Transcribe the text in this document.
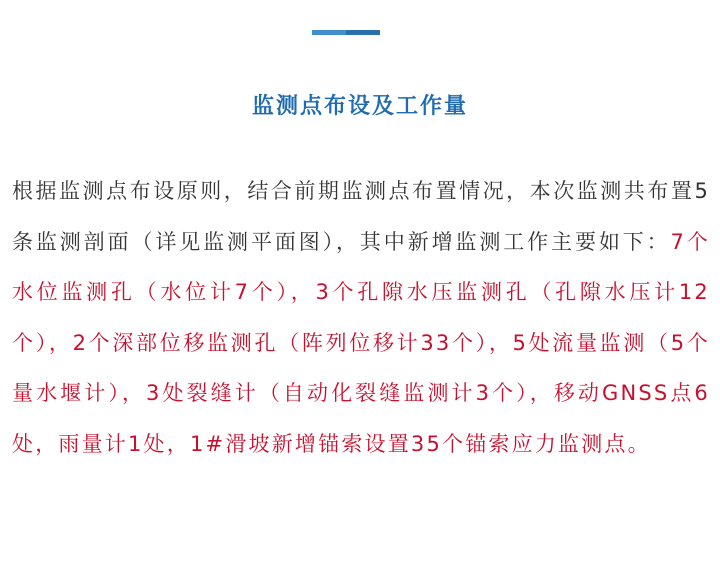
监测点布设及工作量

根据监测点布设原则，结合前期监测点布置情况，本次监测共布置5条监测剖面（详见监测平面图），其中新增监测工作主要如下：7个水位监测孔（水位计7个），3个孔隙水压监测孔（孔隙水压计12个），2个深部位移监测孔（阵列位移计33个），5处流量监测（5个量水堰计），3处裂缝计（自动化裂缝监测计3个），移动GNSS点6处，雨量计1处，1#滑坡新增锚索设置35个锚索应力监测点。
